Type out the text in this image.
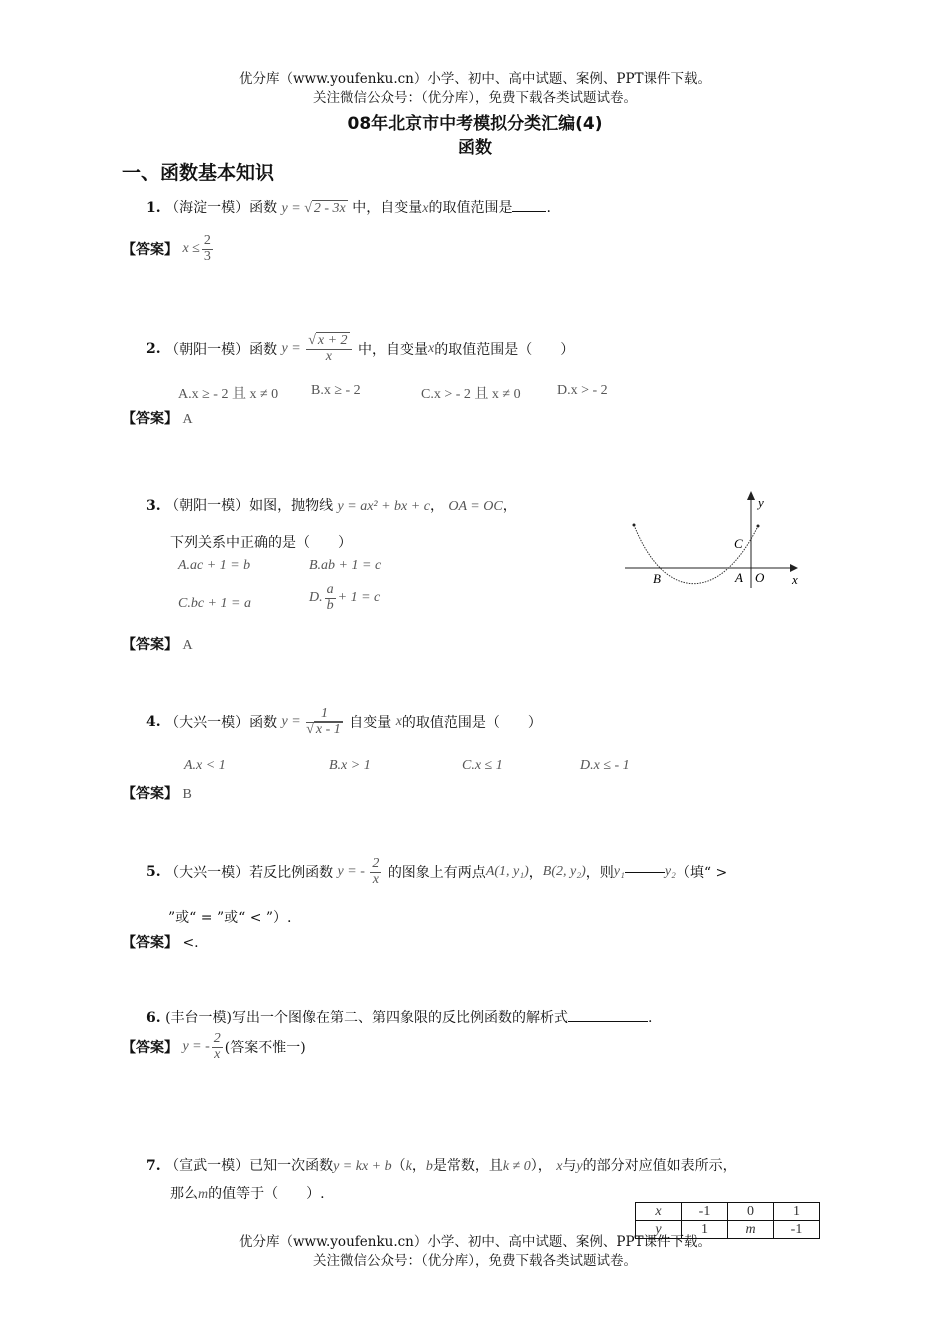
优分库（www.youfenku.cn）小学、初中、高中试题、案例、PPT课件下载。
关注微信公众号：（优分库），免费下载各类试题试卷。
08年北京市中考模拟分类汇编(4)
函数
一、函数基本知识
1. （海淀一模）函数 y = √ 2 - 3x 中，自变量x的取值范围是 .
【答案】 $x \le \frac{2}{3}$
2. （朝阳一模）函数 $y = \frac{√ x + 2}{x}$ 中，自变量x的取值范围是（　　）
A.x ≥ - 2 且 x ≠ 0 B.x ≥ - 2	C.x > - 2 且 x ≠ 0	D.x > - 2
【答案】 A
3. （朝阳一模）如图，抛物线 y = ax² + bx + c， OA = OC，
下列关系中正确的是（　　）
A.ac + 1 = b	B.ab + 1 = c
C.bc + 1 = a	D. $\frac{a}{b} + 1 = c$
y
x
C
B	A O
【答案】 A
4. （大兴一模）函数 $y = \frac{1}{√ x - 1}$ 自变量 x的取值范围是（　　）
A.x < 1	B.x > 1	C.x ≤ 1	D.x ≤ - 1
【答案】 B
5. （大兴一模）若反比例函数 y = - $\frac{2}{x}$ 的图象上有两点A(1, y₁)，B(2, y₂)，则y₁	y₂（填“ >
”或“ = ”或“ < ”）.
【答案】 <.
6. (丰台一模)写出一个图像在第二、第四象限的反比例函数的解析式	.
【答案】 y = - $\frac{2}{x}$ (答案不惟一)
7. （宣武一模）已知一次函数y = kx + b（k，b是常数，且k ≠ 0）， x与y的部分对应值如表所示，
那么m的值等于（　　）.
x	-1	0	1
y	1	m	-1
优分库（www.youfenku.cn）小学、初中、高中试题、案例、PPT课件下载。
关注微信公众号：（优分库），免费下载各类试题试卷。
